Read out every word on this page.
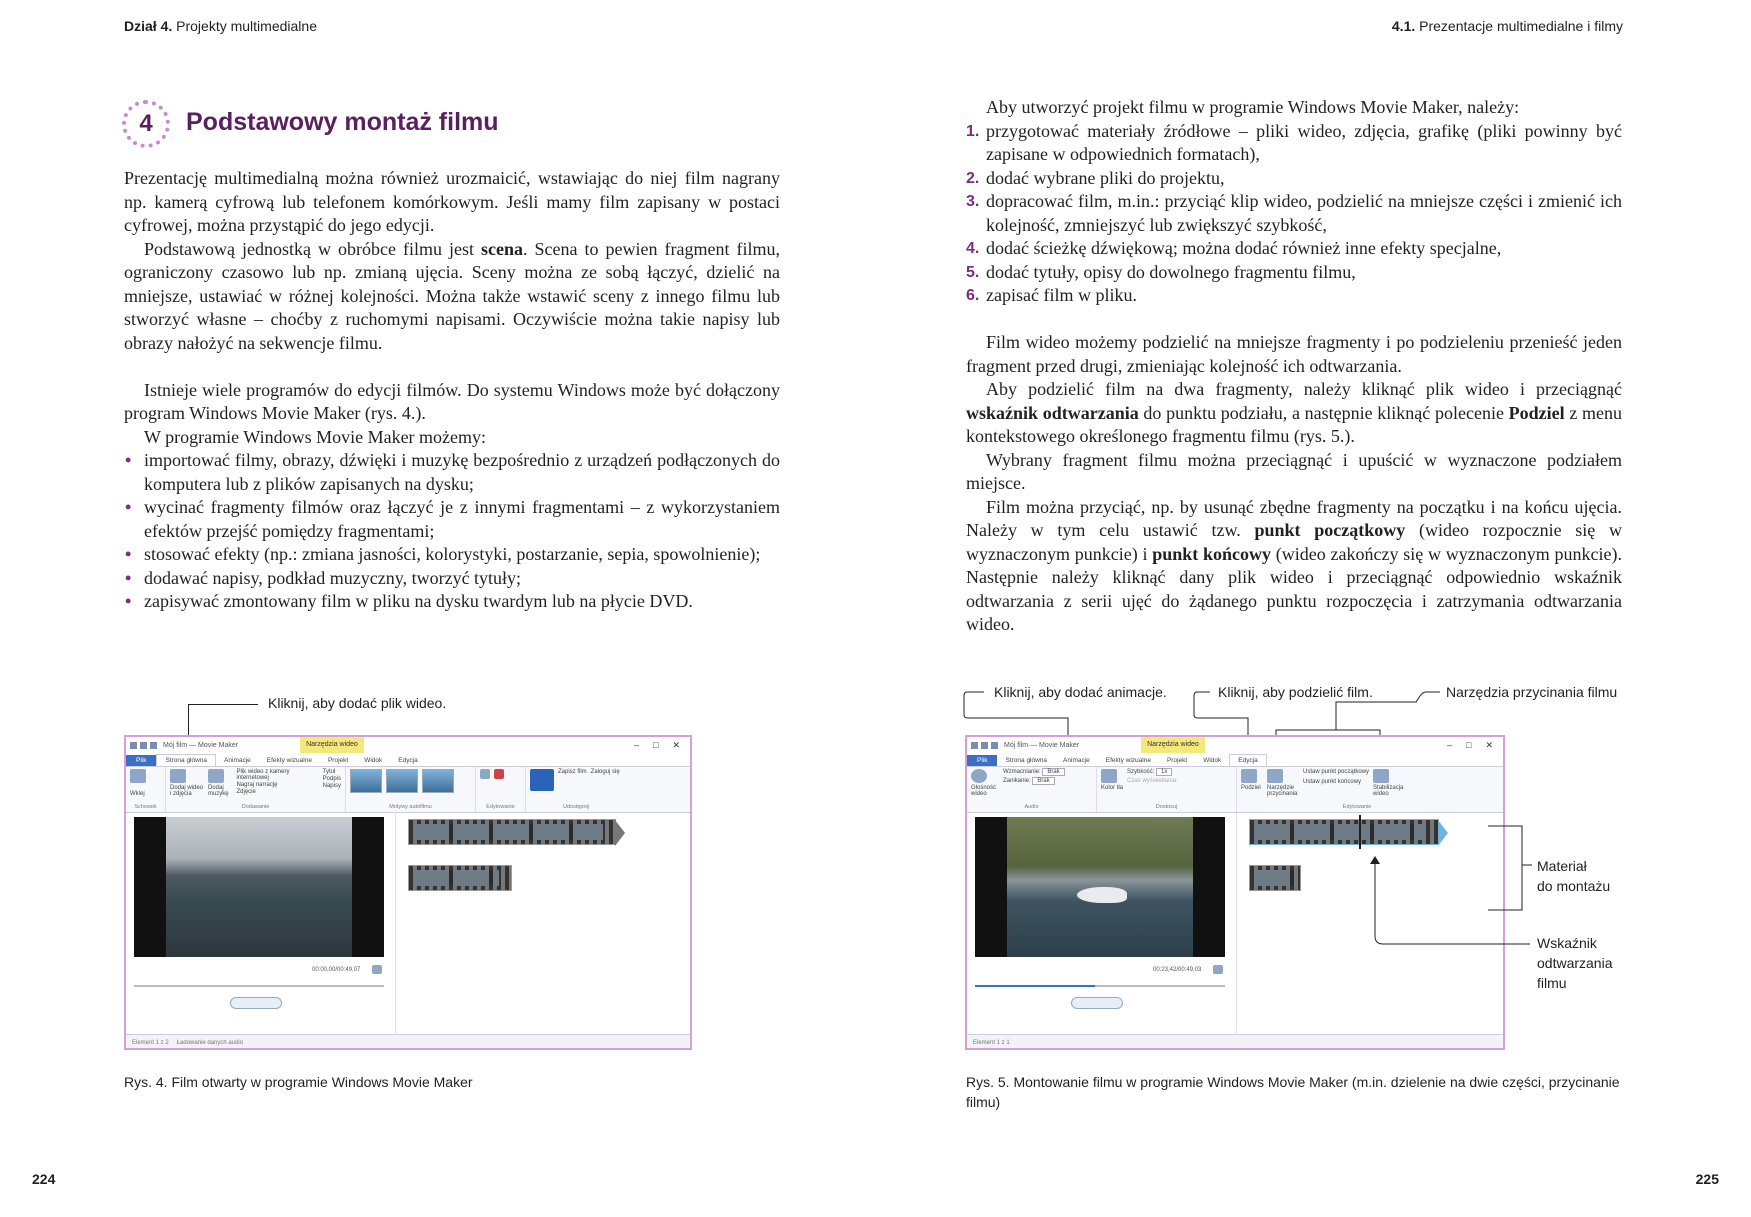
Dział 4. Projekty multimedialne	4.1. Prezentacje multimedialne i filmy
4 Podstawowy montaż filmu

Prezentację multimedialną można również urozmaicić, wstawiając do niej film nagrany np. kamerą cyfrową lub telefonem komórkowym. Jeśli mamy film zapisany w postaci cyfrowej, można przystąpić do jego edycji.

Podstawową jednostką w obróbce filmu jest scena. Scena to pewien fragment filmu, ograniczony czasowo lub np. zmianą ujęcia. Sceny można ze sobą łączyć, dzielić na mniejsze, ustawiać w różnej kolejności. Można także wstawić sceny z innego filmu lub stworzyć własne – choćby z ruchomymi napisami. Oczywiście można takie napisy lub obrazy nałożyć na sekwencje filmu.

Istnieje wiele programów do edycji filmów. Do systemu Windows może być dołączony program Windows Movie Maker (rys. 4.).

W programie Windows Movie Maker możemy:

• importować filmy, obrazy, dźwięki i muzykę bezpośrednio z urządzeń podłączonych do komputera lub z plików zapisanych na dysku;
• wycinać fragmenty filmów oraz łączyć je z innymi fragmentami – z wykorzystaniem efektów przejść pomiędzy fragmentami;
• stosować efekty (np.: zmiana jasności, kolorystyki, postarzanie, sepia, spowolnienie);
• dodawać napisy, podkład muzyczny, tworzyć tytuły;
• zapisywać zmontowany film w pliku na dysku twardym lub na płycie DVD.

Aby utworzyć projekt filmu w programie Windows Movie Maker, należy:

1. przygotować materiały źródłowe – pliki wideo, zdjęcia, grafikę (pliki powinny być zapisane w odpowiednich formatach),
2. dodać wybrane pliki do projektu,
3. dopracować film, m.in.: przyciąć klip wideo, podzielić na mniejsze części i zmienić ich kolejność, zmniejszyć lub zwiększyć szybkość,
4. dodać ścieżkę dźwiękową; można dodać również inne efekty specjalne,
5. dodać tytuły, opisy do dowolnego fragmentu filmu,
6. zapisać film w pliku.

Film wideo możemy podzielić na mniejsze fragmenty i po podzieleniu przenieść jeden fragment przed drugi, zmieniając kolejność ich odtwarzania.

Aby podzielić film na dwa fragmenty, należy kliknąć plik wideo i przeciągnąć wskaźnik odtwarzania do punktu podziału, a następnie kliknąć polecenie Podziel z menu kontekstowego określonego fragmentu filmu (rys. 5.).

Wybrany fragment filmu można przeciągnąć i upuścić w wyznaczone podziałem miejsce.

Film można przyciąć, np. by usunąć zbędne fragmenty na początku i na końcu ujęcia. Należy w tym celu ustawić tzw. punkt początkowy (wideo rozpocznie się w wyznaczonym punkcie) i punkt końcowy (wideo zakończy się w wyznaczonym punkcie). Następnie należy kliknąć dany plik wideo i przeciągnąć odpowiednio wskaźnik odtwarzania z serii ujęć do żądanego punktu rozpoczęcia i zatrzymania odtwarzania wideo.

Kliknij, aby dodać plik wideo.
Mój film — Movie Maker	Narzędzia wideo	– □ ✕
Plik	Strona główna	Animacje	Efekty wizualne	Projekt	Widok	Edycja
Wklej
Schowek

Dodaj wideo i zdjęcia

Dodaj muzykę
Plik wideo z kamery internetowej
Nagraj narrację
Zdjęcie
Tytuł
Podpis
Napisy
Dodawanie	Motywy autofilmu	Edytowanie
Zapisz film Zaloguj się
Udostępnij
00:00,00/00:49,07
Element 1 z 2 Ładowanie danych audio
Rys. 4. Film otwarty w programie Windows Movie Maker
Kliknij, aby dodać animacje.	Kliknij, aby podzielić film.	Narzędzia przycinania filmu
Mój film — Movie Maker	Narzędzia wideo	– □ ✕
Plik	Strona główna	Animacje	Efekty wizualne	Projekt	Widok	Edycja

Głośność wideo
Wzmacnianie: Brak
Zanikanie: Brak
Audio

Kolor tła
Szybkość: 1x
Czas wyświetlania:
Dostosuj

Podziel	Narzędzie przycinania
Ustaw punkt początkowy
Ustaw punkt końcowy

Stabilizacja wideo
Edytowanie
00:23,42/00:49,03
Element 1 z 1
Materiał
do montażu
Wskaźnik
odtwarzania
filmu
Rys. 5. Montowanie filmu w programie Windows Movie Maker (m.in. dzielenie na dwie części, przycinanie
filmu)
224	225
